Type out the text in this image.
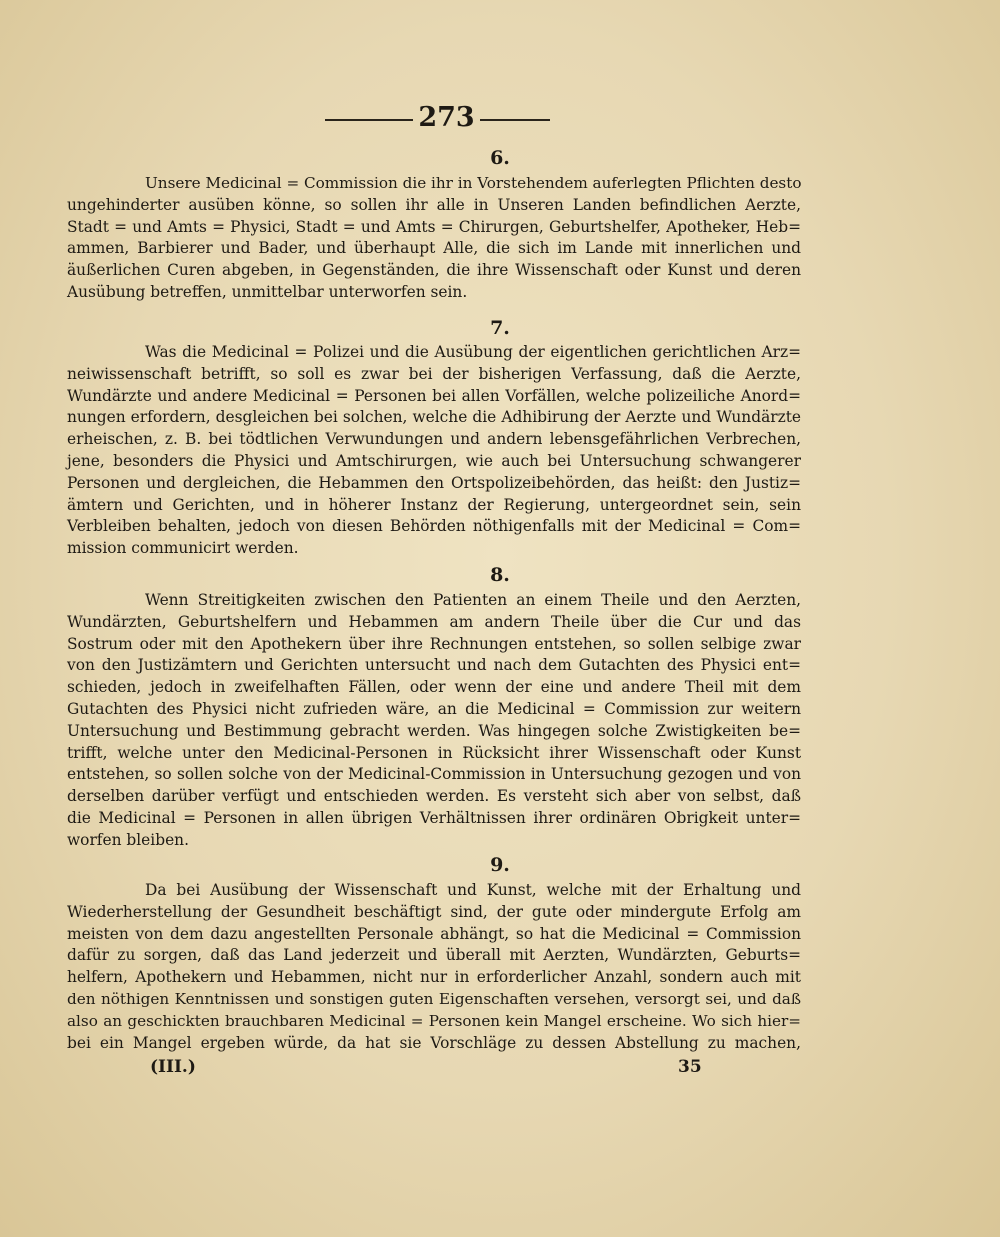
273
6.
Unsere Medicinal = Commission die ihr in Vorstehendem auferlegten Pflichten desto
ungehinderter ausüben könne, so sollen ihr alle in Unseren Landen befindlichen Aerzte,
Stadt = und Amts = Physici, Stadt = und Amts = Chirurgen, Geburtshelfer, Apotheker, Heb=
ammen, Barbierer und Bader, und überhaupt Alle, die sich im Lande mit innerlichen und
äußerlichen Curen abgeben, in Gegenständen, die ihre Wissenschaft oder Kunst und deren
Ausübung betreffen, unmittelbar unterworfen sein.
7.
Was die Medicinal = Polizei und die Ausübung der eigentlichen gerichtlichen Arz=
neiwissenschaft betrifft, so soll es zwar bei der bisherigen Verfassung, daß die Aerzte,
Wundärzte und andere Medicinal = Personen bei allen Vorfällen, welche polizeiliche Anord=
nungen erfordern, desgleichen bei solchen, welche die Adhibirung der Aerzte und Wundärzte
erheischen, z. B. bei tödtlichen Verwundungen und andern lebensgefährlichen Verbrechen,
jene, besonders die Physici und Amtschirurgen, wie auch bei Untersuchung schwangerer
Personen und dergleichen, die Hebammen den Ortspolizeibehörden, das heißt: den Justiz=
ämtern und Gerichten, und in höherer Instanz der Regierung, untergeordnet sein, sein
Verbleiben behalten, jedoch von diesen Behörden nöthigenfalls mit der Medicinal = Com=
mission communicirt werden.
8.
Wenn Streitigkeiten zwischen den Patienten an einem Theile und den Aerzten,
Wundärzten, Geburtshelfern und Hebammen am andern Theile über die Cur und das
Sostrum oder mit den Apothekern über ihre Rechnungen entstehen, so sollen selbige zwar
von den Justizämtern und Gerichten untersucht und nach dem Gutachten des Physici ent=
schieden, jedoch in zweifelhaften Fällen, oder wenn der eine und andere Theil mit dem
Gutachten des Physici nicht zufrieden wäre, an die Medicinal = Commission zur weitern
Untersuchung und Bestimmung gebracht werden. Was hingegen solche Zwistigkeiten be=
trifft, welche unter den Medicinal-Personen in Rücksicht ihrer Wissenschaft oder Kunst
entstehen, so sollen solche von der Medicinal-Commission in Untersuchung gezogen und von
derselben darüber verfügt und entschieden werden. Es versteht sich aber von selbst, daß
die Medicinal = Personen in allen übrigen Verhältnissen ihrer ordinären Obrigkeit unter=
worfen bleiben.
9.
Da bei Ausübung der Wissenschaft und Kunst, welche mit der Erhaltung und
Wiederherstellung der Gesundheit beschäftigt sind, der gute oder mindergute Erfolg am
meisten von dem dazu angestellten Personale abhängt, so hat die Medicinal = Commission
dafür zu sorgen, daß das Land jederzeit und überall mit Aerzten, Wundärzten, Geburts=
helfern, Apothekern und Hebammen, nicht nur in erforderlicher Anzahl, sondern auch mit
den nöthigen Kenntnissen und sonstigen guten Eigenschaften versehen, versorgt sei, und daß
also an geschickten brauchbaren Medicinal = Personen kein Mangel erscheine. Wo sich hier=
bei ein Mangel ergeben würde, da hat sie Vorschläge zu dessen Abstellung zu machen,
(III.)	35
